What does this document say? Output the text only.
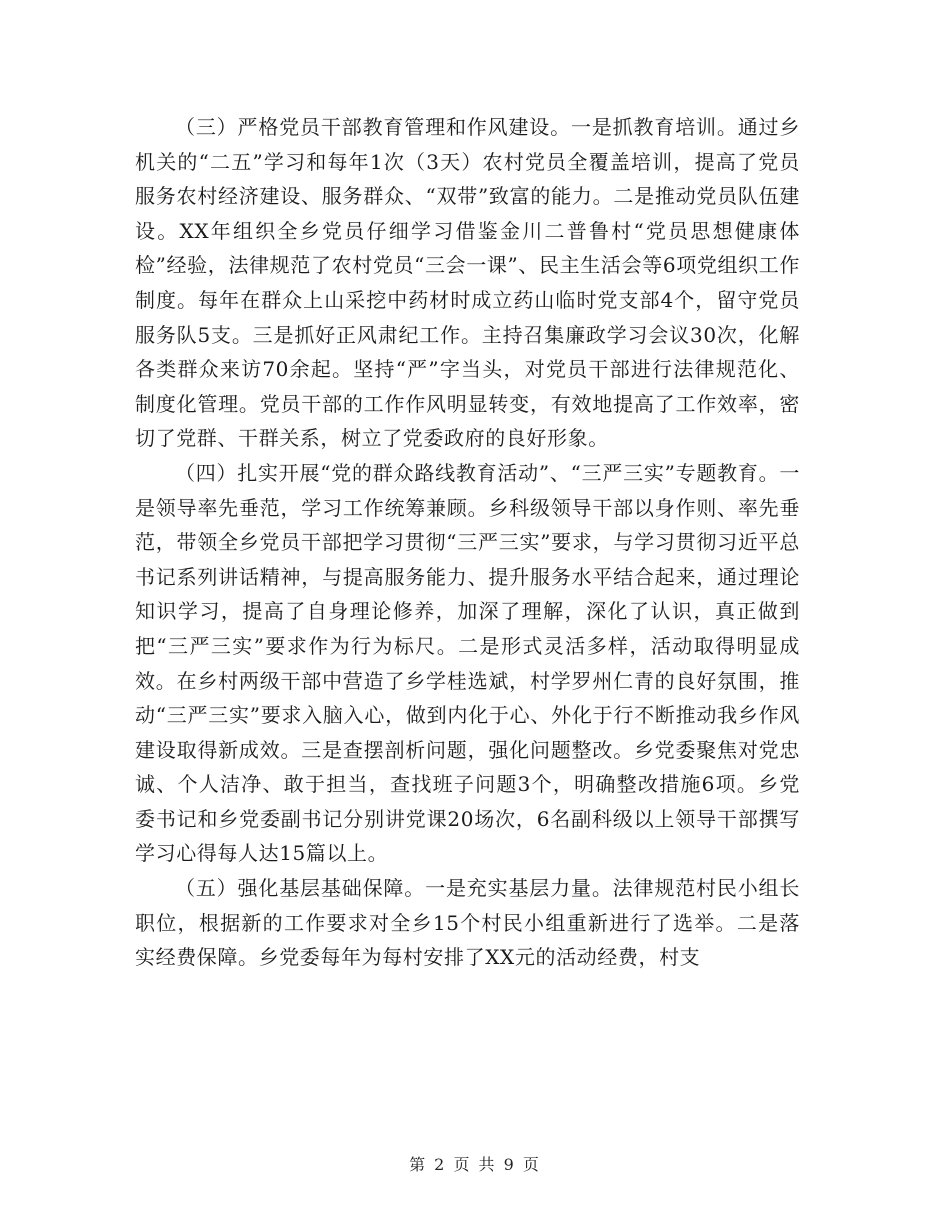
（三）严格党员干部教育管理和作风建设。一是抓教育培训。通过乡机关的“二五”学习和每年1次（3天）农村党员全覆盖培训，提高了党员服务农村经济建设、服务群众、“双带”致富的能力。二是推动党员队伍建设。XX年组织全乡党员仔细学习借鉴金川二普鲁村“党员思想健康体检”经验，法律规范了农村党员“三会一课”、民主生活会等6项党组织工作制度。每年在群众上山采挖中药材时成立药山临时党支部4个，留守党员服务队5支。三是抓好正风肃纪工作。主持召集廉政学习会议30次，化解各类群众来访70余起。坚持“严”字当头，对党员干部进行法律规范化、制度化管理。党员干部的工作作风明显转变，有效地提高了工作效率，密切了党群、干群关系，树立了党委政府的良好形象。

（四）扎实开展“党的群众路线教育活动”、“三严三实”专题教育。一是领导率先垂范，学习工作统筹兼顾。乡科级领导干部以身作则、率先垂范，带领全乡党员干部把学习贯彻“三严三实”要求，与学习贯彻习近平总书记系列讲话精神，与提高服务能力、提升服务水平结合起来，通过理论知识学习，提高了自身理论修养，加深了理解，深化了认识，真正做到把“三严三实”要求作为行为标尺。二是形式灵活多样，活动取得明显成效。在乡村两级干部中营造了乡学桂选斌，村学罗州仁青的良好氛围，推动“三严三实”要求入脑入心，做到内化于心、外化于行不断推动我乡作风建设取得新成效。三是查摆剖析问题，强化问题整改。乡党委聚焦对党忠诚、个人洁净、敢于担当，查找班子问题3个，明确整改措施6项。乡党委书记和乡党委副书记分别讲党课20场次，6名副科级以上领导干部撰写学习心得每人达15篇以上。

（五）强化基层基础保障。一是充实基层力量。法律规范村民小组长职位，根据新的工作要求对全乡15个村民小组重新进行了选举。二是落实经费保障。乡党委每年为每村安排了XX元的活动经费，村支

第 2 页 共 9 页
